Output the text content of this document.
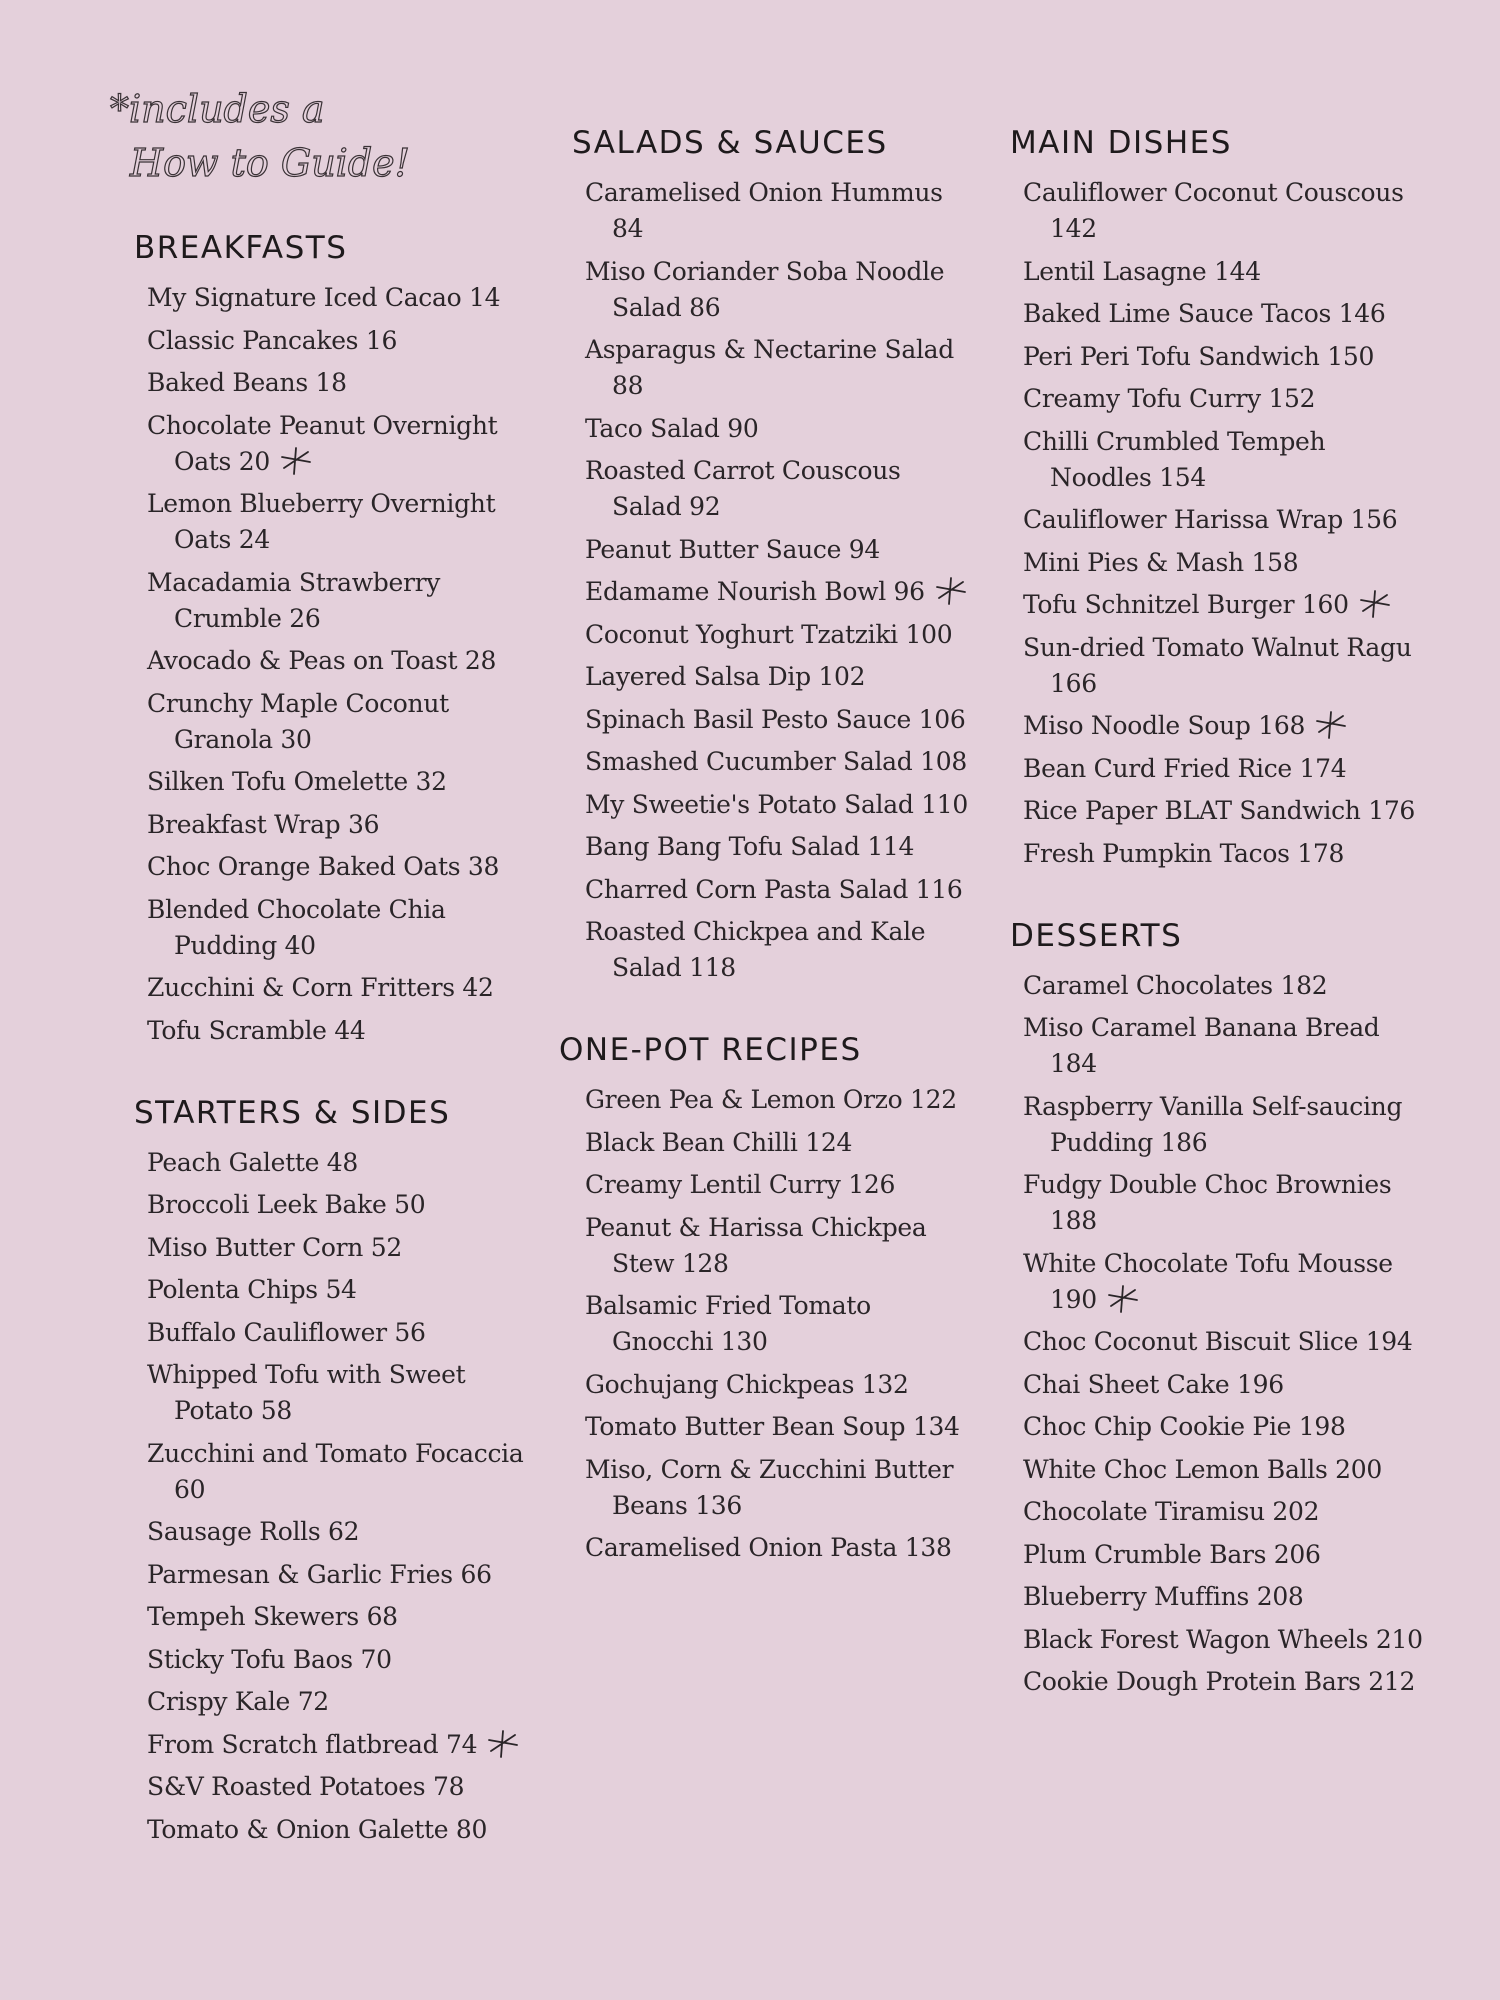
*includes a
How to Guide!
BREAKFASTS
My Signature Iced Cacao 14
Classic Pancakes 16
Baked Beans 18
Chocolate Peanut Overnight Oats 20
Lemon Blueberry Overnight Oats 24
Macadamia Strawberry Crumble 26
Avocado & Peas on Toast 28
Crunchy Maple Coconut Granola 30
Silken Tofu Omelette 32
Breakfast Wrap 36
Choc Orange Baked Oats 38
Blended Chocolate Chia Pudding 40
Zucchini & Corn Fritters 42
Tofu Scramble 44
STARTERS & SIDES
Peach Galette 48
Broccoli Leek Bake 50
Miso Butter Corn 52
Polenta Chips 54
Buffalo Cauliflower 56
Whipped Tofu with Sweet Potato 58
Zucchini and Tomato Focaccia 60
Sausage Rolls 62
Parmesan & Garlic Fries 66
Tempeh Skewers 68
Sticky Tofu Baos 70
Crispy Kale 72
From Scratch flatbread 74
S&V Roasted Potatoes 78
Tomato & Onion Galette 80
SALADS & SAUCES
Caramelised Onion Hummus 84
Miso Coriander Soba Noodle Salad 86
Asparagus & Nectarine Salad 88
Taco Salad 90
Roasted Carrot Couscous Salad 92
Peanut Butter Sauce 94
Edamame Nourish Bowl 96
Coconut Yoghurt Tzatziki 100
Layered Salsa Dip 102
Spinach Basil Pesto Sauce 106
Smashed Cucumber Salad 108
My Sweetie's Potato Salad 110
Bang Bang Tofu Salad 114
Charred Corn Pasta Salad 116
Roasted Chickpea and Kale Salad 118
ONE-POT RECIPES
Green Pea & Lemon Orzo 122
Black Bean Chilli 124
Creamy Lentil Curry 126
Peanut & Harissa Chickpea Stew 128
Balsamic Fried Tomato Gnocchi 130
Gochujang Chickpeas 132
Tomato Butter Bean Soup 134
Miso, Corn & Zucchini Butter Beans 136
Caramelised Onion Pasta 138
MAIN DISHES
Cauliflower Coconut Couscous 142
Lentil Lasagne 144
Baked Lime Sauce Tacos 146
Peri Peri Tofu Sandwich 150
Creamy Tofu Curry 152
Chilli Crumbled Tempeh Noodles 154
Cauliflower Harissa Wrap 156
Mini Pies & Mash 158
Tofu Schnitzel Burger 160
Sun-dried Tomato Walnut Ragu 166
Miso Noodle Soup 168
Bean Curd Fried Rice 174
Rice Paper BLAT Sandwich 176
Fresh Pumpkin Tacos 178
DESSERTS
Caramel Chocolates 182
Miso Caramel Banana Bread 184
Raspberry Vanilla Self-saucing Pudding 186
Fudgy Double Choc Brownies 188
White Chocolate Tofu Mousse 190
Choc Coconut Biscuit Slice 194
Chai Sheet Cake 196
Choc Chip Cookie Pie 198
White Choc Lemon Balls 200
Chocolate Tiramisu 202
Plum Crumble Bars 206
Blueberry Muffins 208
Black Forest Wagon Wheels 210
Cookie Dough Protein Bars 212
